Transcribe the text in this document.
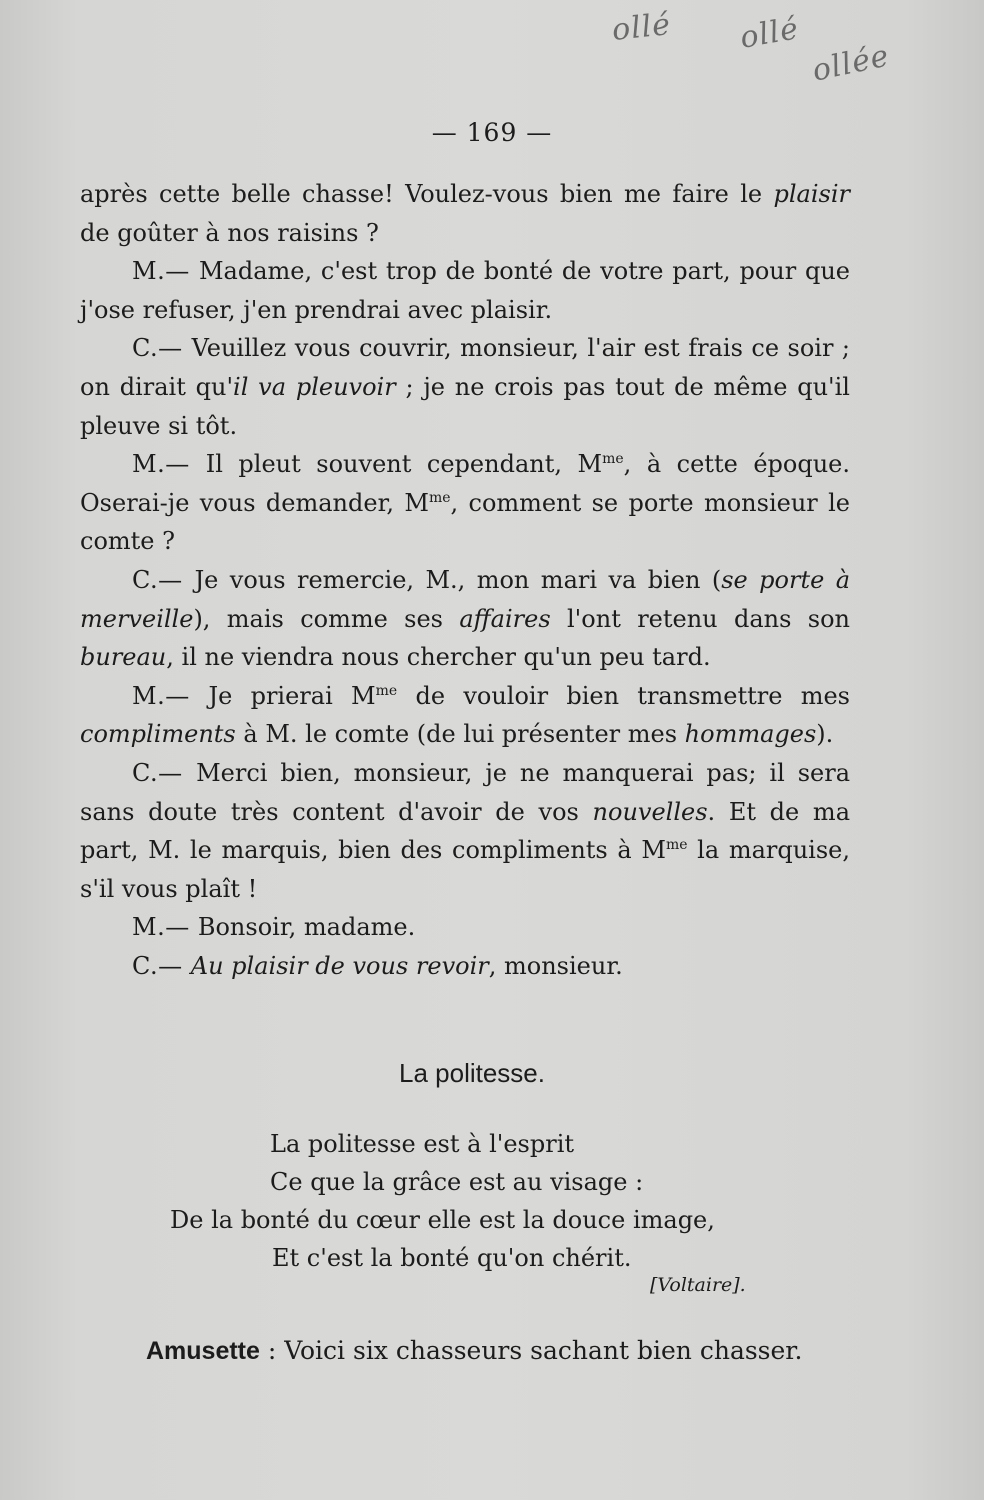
ollé ollé
ollée
— 169 —

après cette belle chasse! Voulez-vous bien me faire le plaisir de goûter à nos raisins ?

M.— Madame, c'est trop de bonté de votre part, pour que j'ose refuser, j'en prendrai avec plaisir.

C.— Veuillez vous couvrir, monsieur, l'air est frais ce soir ; on dirait qu'il va pleuvoir ; je ne crois pas tout de même qu'il pleuve si tôt.

M.— Il pleut souvent cependant, $M^{me}$, à cette époque. Oserai-je vous demander, $M^{me}$, comment se porte monsieur le comte ?

C.— Je vous remercie, M., mon mari va bien (se porte à merveille), mais comme ses affaires l'ont retenu dans son bureau, il ne viendra nous chercher qu'un peu tard.

M.— Je prierai $M^{me}$ de vouloir bien transmettre mes compliments à M. le comte (de lui présenter mes hommages).

C.— Merci bien, monsieur, je ne manquerai pas; il sera sans doute très content d'avoir de vos nouvelles. Et de ma part, M. le marquis, bien des compliments à $M^{me}$ la marquise, s'il vous plaît !

M.— Bonsoir, madame.

C.— Au plaisir de vous revoir, monsieur.

La politesse.
La politesse est à l'esprit
Ce que la grâce est au visage :
De la bonté du cœur elle est la douce image,
Et c'est la bonté qu'on chérit.
[Voltaire].
Amusette : Voici six chasseurs sachant bien chasser.
